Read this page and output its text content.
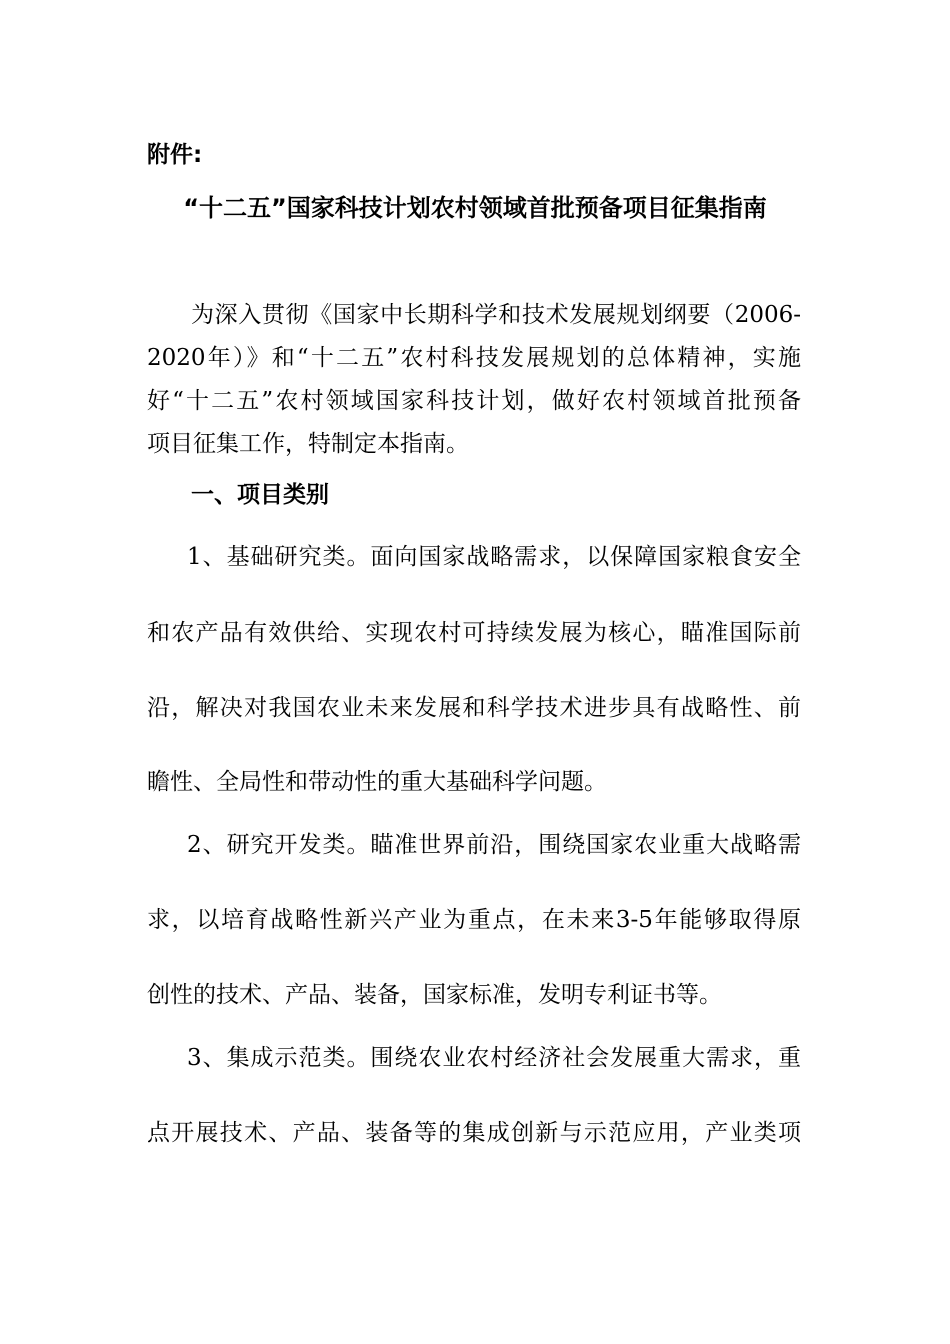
附件:
“十二五”国家科技计划农村领域首批预备项目征集指南
为深入贯彻《国家中长期科学和技术发展规划纲要（2006-
2020年）》和“十二五”农村科技发展规划的总体精神，实施
好“十二五”农村领域国家科技计划，做好农村领域首批预备
项目征集工作，特制定本指南。
一、项目类别
1、基础研究类。面向国家战略需求，以保障国家粮食安全
和农产品有效供给、实现农村可持续发展为核心，瞄准国际前
沿，解决对我国农业未来发展和科学技术进步具有战略性、前
瞻性、全局性和带动性的重大基础科学问题。
2、研究开发类。瞄准世界前沿，围绕国家农业重大战略需
求，以培育战略性新兴产业为重点，在未来3-5年能够取得原
创性的技术、产品、装备，国家标准，发明专利证书等。
3、集成示范类。围绕农业农村经济社会发展重大需求，重
点开展技术、产品、装备等的集成创新与示范应用，产业类项
